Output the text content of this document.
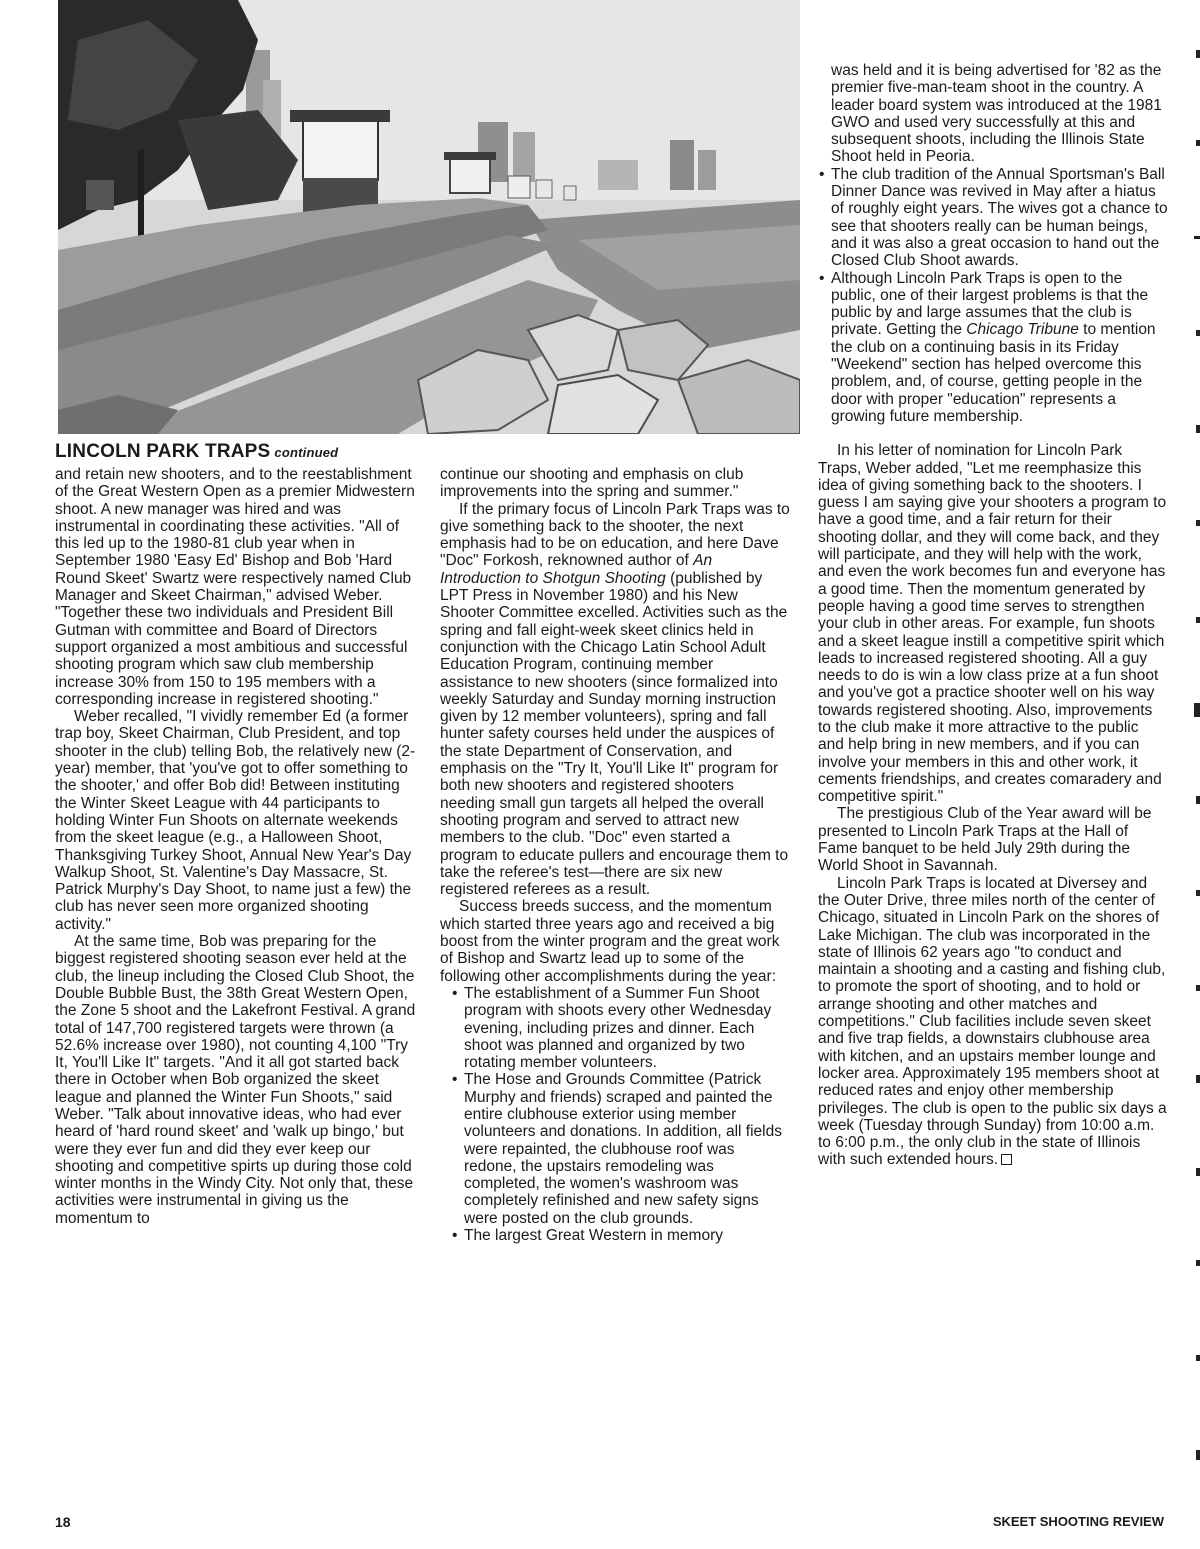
LINCOLN PARK TRAPS continued

and retain new shooters, and to the reestablishment of the Great Western Open as a premier Midwestern shoot. A new manager was hired and was instrumental in coordinating these activities. "All of this led up to the 1980-81 club year when in September 1980 'Easy Ed' Bishop and Bob 'Hard Round Skeet' Swartz were respectively named Club Manager and Skeet Chairman," advised Weber. "Together these two individuals and President Bill Gutman with committee and Board of Directors support organized a most ambitious and successful shooting program which saw club membership increase 30% from 150 to 195 members with a corresponding increase in registered shooting."

Weber recalled, "I vividly remember Ed (a former trap boy, Skeet Chairman, Club President, and top shooter in the club) telling Bob, the relatively new (2-year) member, that 'you've got to offer something to the shooter,' and offer Bob did! Between instituting the Winter Skeet League with 44 participants to holding Winter Fun Shoots on alternate weekends from the skeet league (e.g., a Halloween Shoot, Thanksgiving Turkey Shoot, Annual New Year's Day Walkup Shoot, St. Valentine's Day Massacre, St. Patrick Murphy's Day Shoot, to name just a few) the club has never seen more organized shooting activity."

At the same time, Bob was preparing for the biggest registered shooting season ever held at the club, the lineup including the Closed Club Shoot, the Double Bubble Bust, the 38th Great Western Open, the Zone 5 shoot and the Lakefront Festival. A grand total of 147,700 registered targets were thrown (a 52.6% increase over 1980), not counting 4,100 "Try It, You'll Like It" targets. "And it all got started back there in October when Bob organized the skeet league and planned the Winter Fun Shoots," said Weber. "Talk about innovative ideas, who had ever heard of 'hard round skeet' and 'walk up bingo,' but were they ever fun and did they ever keep our shooting and competitive spirts up during those cold winter months in the Windy City. Not only that, these activities were instrumental in giving us the momentum to

continue our shooting and emphasis on club improvements into the spring and summer."

If the primary focus of Lincoln Park Traps was to give something back to the shooter, the next emphasis had to be on education, and here Dave "Doc" Forkosh, reknowned author of An Introduction to Shotgun Shooting (published by LPT Press in November 1980) and his New Shooter Committee excelled. Activities such as the spring and fall eight-week skeet clinics held in conjunction with the Chicago Latin School Adult Education Program, continuing member assistance to new shooters (since formalized into weekly Saturday and Sunday morning instruction given by 12 member volunteers), spring and fall hunter safety courses held under the auspices of the state Department of Conservation, and emphasis on the "Try It, You'll Like It" program for both new shooters and registered shooters needing small gun targets all helped the overall shooting program and served to attract new members to the club. "Doc" even started a program to educate pullers and encourage them to take the referee's test—there are six new registered referees as a result.

Success breeds success, and the momentum which started three years ago and received a big boost from the winter program and the great work of Bishop and Swartz lead up to some of the following other accomplishments during the year:

• The establishment of a Summer Fun Shoot program with shoots every other Wednesday evening, including prizes and dinner. Each shoot was planned and organized by two rotating member volunteers.
• The Hose and Grounds Committee (Patrick Murphy and friends) scraped and painted the entire clubhouse exterior using member volunteers and donations. In addition, all fields were repainted, the clubhouse roof was redone, the upstairs remodeling was completed, the women's washroom was completely refinished and new safety signs were posted on the club grounds.
• The largest Great Western in memory

was held and it is being advertised for '82 as the premier five-man-team shoot in the country. A leader board system was introduced at the 1981 GWO and used very successfully at this and subsequent shoots, including the Illinois State Shoot held in Peoria.

• The club tradition of the Annual Sportsman's Ball Dinner Dance was revived in May after a hiatus of roughly eight years. The wives got a chance to see that shooters really can be human beings, and it was also a great occasion to hand out the Closed Club Shoot awards.
• Although Lincoln Park Traps is open to the public, one of their largest problems is that the public by and large assumes that the club is private. Getting the Chicago Tribune to mention the club on a continuing basis in its Friday "Weekend" section has helped overcome this problem, and, of course, getting people in the door with proper "education" represents a growing future membership.

In his letter of nomination for Lincoln Park Traps, Weber added, "Let me reemphasize this idea of giving something back to the shooters. I guess I am saying give your shooters a program to have a good time, and a fair return for their shooting dollar, and they will come back, and they will participate, and they will help with the work, and even the work becomes fun and everyone has a good time. Then the momentum generated by people having a good time serves to strengthen your club in other areas. For example, fun shoots and a skeet league instill a competitive spirit which leads to increased registered shooting. All a guy needs to do is win a low class prize at a fun shoot and you've got a practice shooter well on his way towards registered shooting. Also, improvements to the club make it more attractive to the public and help bring in new members, and if you can involve your members in this and other work, it cements friendships, and creates comaradery and competitive spirit."

The prestigious Club of the Year award will be presented to Lincoln Park Traps at the Hall of Fame banquet to be held July 29th during the World Shoot in Savannah.

Lincoln Park Traps is located at Diversey and the Outer Drive, three miles north of the center of Chicago, situated in Lincoln Park on the shores of Lake Michigan. The club was incorporated in the state of Illinois 62 years ago "to conduct and maintain a shooting and a casting and fishing club, to promote the sport of shooting, and to hold or arrange shooting and other matches and competitions." Club facilities include seven skeet and five trap fields, a downstairs clubhouse area with kitchen, and an upstairs member lounge and locker area. Approximately 195 members shoot at reduced rates and enjoy other membership privileges. The club is open to the public six days a week (Tuesday through Sunday) from 10:00 a.m. to 6:00 p.m., the only club in the state of Illinois with such extended hours.

18	SKEET SHOOTING REVIEW
